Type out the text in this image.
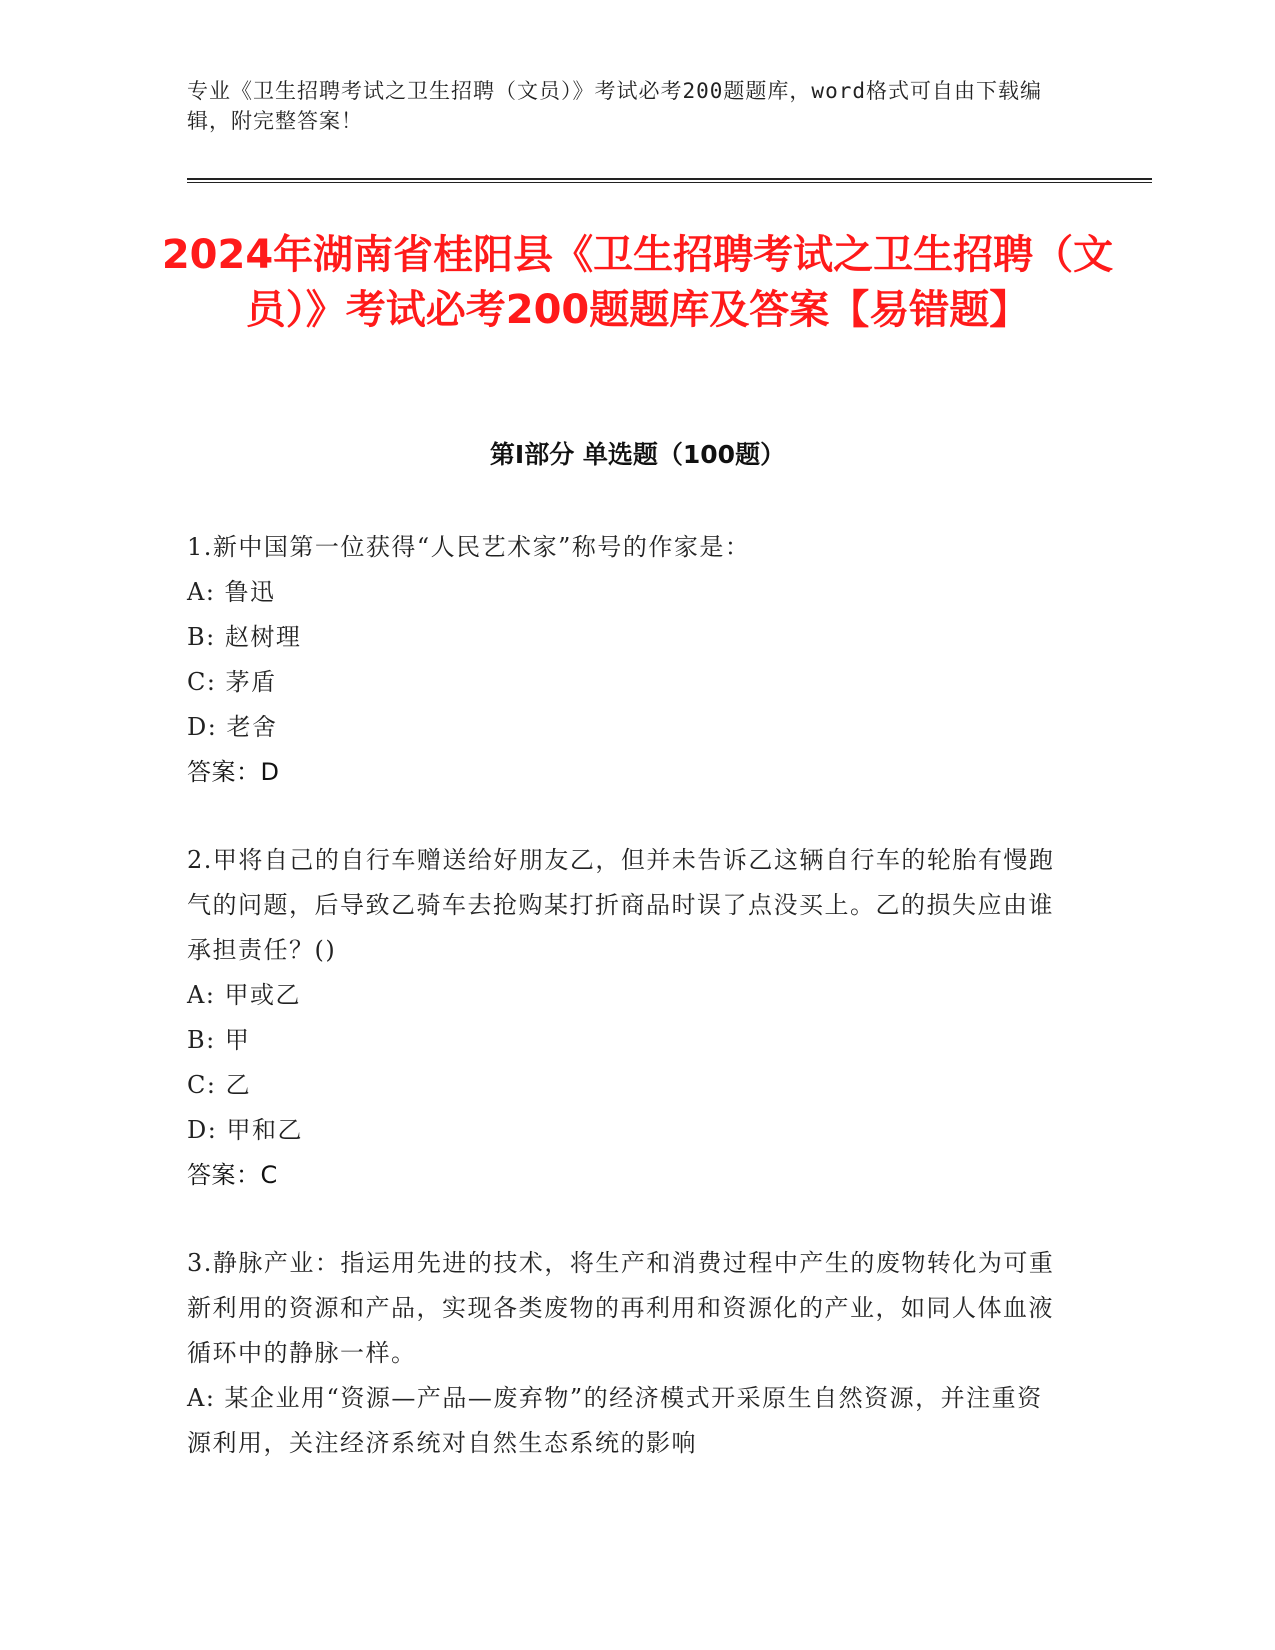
专业《卫生招聘考试之卫生招聘（文员）》考试必考200题题库，word格式可自由下载编辑，附完整答案！
2024年湖南省桂阳县《卫生招聘考试之卫生招聘（文员）》考试必考200题题库及答案【易错题】
第I部分 单选题（100题）
1.新中国第一位获得“人民艺术家”称号的作家是：
A: 鲁迅
B: 赵树理
C: 茅盾
D: 老舍
答案：D
2.甲将自己的自行车赠送给好朋友乙，但并未告诉乙这辆自行车的轮胎有慢跑气的问题，后导致乙骑车去抢购某打折商品时误了点没买上。乙的损失应由谁承担责任？()
A: 甲或乙
B: 甲
C: 乙
D: 甲和乙
答案：C
3.静脉产业：指运用先进的技术，将生产和消费过程中产生的废物转化为可重新利用的资源和产品，实现各类废物的再利用和资源化的产业，如同人体血液循环中的静脉一样。
A: 某企业用“资源—产品—废弃物”的经济模式开采原生自然资源，并注重资源利用，关注经济系统对自然生态系统的影响
